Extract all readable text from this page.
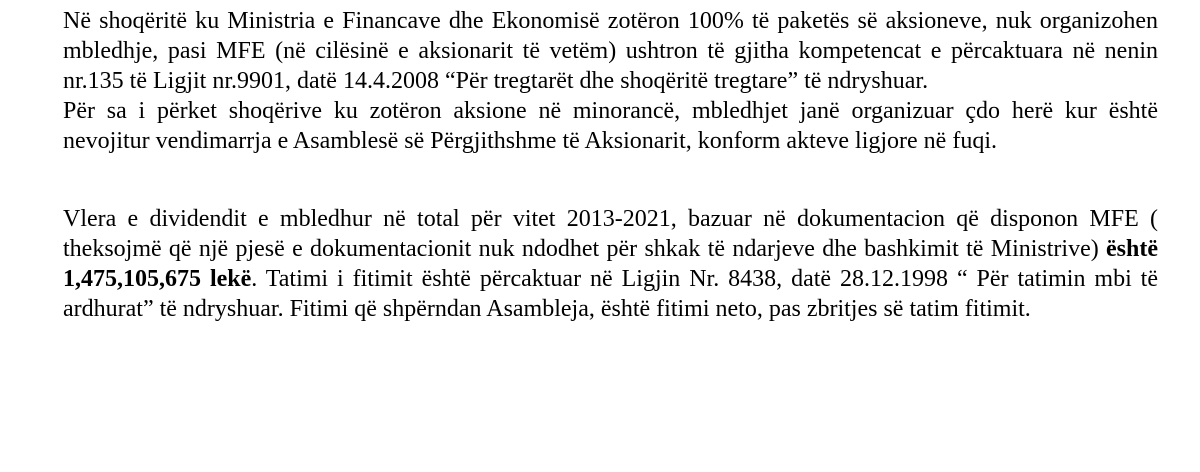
Në shoqëritë ku Ministria e Financave dhe Ekonomisë zotëron 100% të paketës së aksioneve, nuk organizohen mbledhje, pasi MFE (në cilësinë e aksionarit të vetëm) ushtron të gjitha kompetencat e përcaktuara në nenin nr.135 të Ligjit nr.9901, datë 14.4.2008 “Për tregtarët dhe shoqëritë tregtare” të ndryshuar.

Për sa i përket shoqërive ku zotëron aksione në minorancë, mbledhjet janë organizuar çdo herë kur është nevojitur vendimarrja e Asamblesë së Përgjithshme të Aksionarit, konform akteve ligjore në fuqi.

Vlera e dividendit e mbledhur në total për vitet 2013-2021, bazuar në dokumentacion që disponon MFE ( theksojmë që një pjesë e dokumentacionit nuk ndodhet për shkak të ndarjeve dhe bashkimit të Ministrive) është 1,475,105,675 lekë. Tatimi i fitimit është përcaktuar në Ligjin Nr. 8438, datë 28.12.1998 “ Për tatimin mbi të ardhurat” të ndryshuar. Fitimi që shpërndan Asambleja, është fitimi neto, pas zbritjes së tatim fitimit.
